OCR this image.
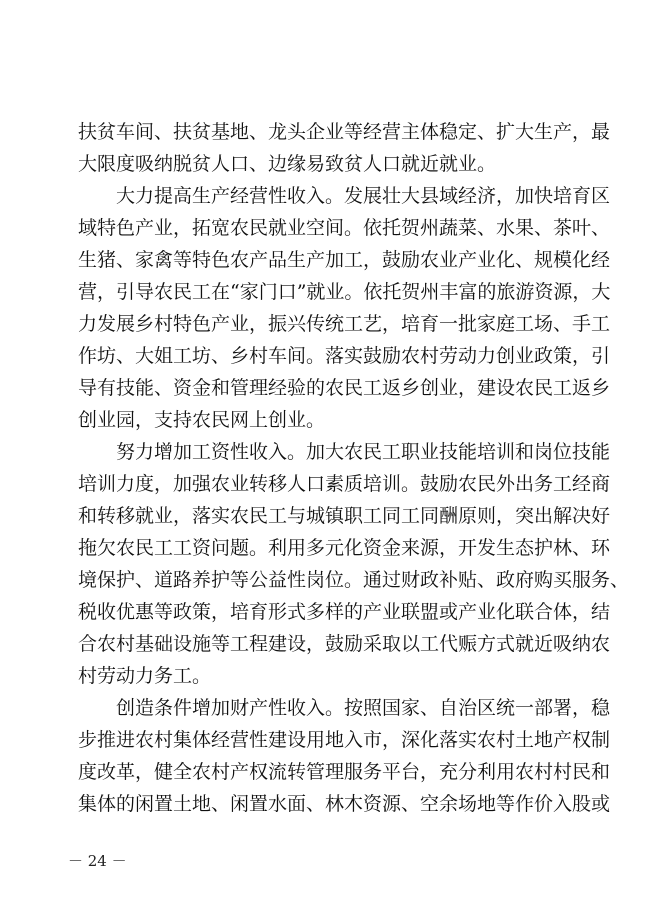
扶贫车间、扶贫基地、龙头企业等经营主体稳定、扩大生产，最
大限度吸纳脱贫人口、边缘易致贫人口就近就业。
大力提高生产经营性收入。发展壮大县域经济，加快培育区
域特色产业，拓宽农民就业空间。依托贺州蔬菜、水果、茶叶、
生猪、家禽等特色农产品生产加工，鼓励农业产业化、规模化经
营，引导农民工在“家门口”就业。依托贺州丰富的旅游资源，大
力发展乡村特色产业，振兴传统工艺，培育一批家庭工场、手工
作坊、大姐工坊、乡村车间。落实鼓励农村劳动力创业政策，引
导有技能、资金和管理经验的农民工返乡创业，建设农民工返乡
创业园，支持农民网上创业。
努力增加工资性收入。加大农民工职业技能培训和岗位技能
培训力度，加强农业转移人口素质培训。鼓励农民外出务工经商
和转移就业，落实农民工与城镇职工同工同酬原则，突出解决好
拖欠农民工工资问题。利用多元化资金来源，开发生态护林、环
境保护、道路养护等公益性岗位。通过财政补贴、政府购买服务、
税收优惠等政策，培育形式多样的产业联盟或产业化联合体，结
合农村基础设施等工程建设，鼓励采取以工代赈方式就近吸纳农
村劳动力务工。
创造条件增加财产性收入。按照国家、自治区统一部署，稳
步推进农村集体经营性建设用地入市，深化落实农村土地产权制
度改革，健全农村产权流转管理服务平台，充分利用农村村民和
集体的闲置土地、闲置水面、林木资源、空余场地等作价入股或
－ 24 －
